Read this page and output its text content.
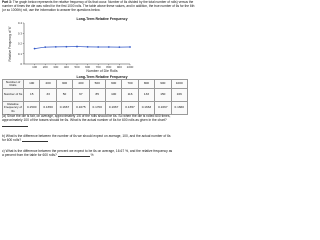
Part 3: The graph below represents the relative frequency of 6s that occur. Number of 6s divided by the total number of rolls) versus the number of times the die was rolled for the first 1000 rolls. The table above these values, and in addition, the true number of 6s for the 6th (or so 1000th) roll, use the information to answer the questions below.
Long-Term Relative Frequency
0
0.1
0.2
0.3
0.4
100 200 300 400 500 600 700 800 900 1000
Relative Frequency of '6'
Number of Die Rolls
Long-Term Relative Frequency
Number of Rolls	100	200	300	400	500	600	700	800	900	1000
Number of 6s	15	33	50	67	85	100	116	133	150	166
Relative Frequency of 6s	0.1500	0.1650	0.1667	0.1675	0.1700	0.1667	0.1657	0.1663	0.1667	0.1660
(a) Since the die is fair, on average, approximately 1/6 of the rolls should be 6s. So when the die is rolled 600 times,
approximately 100 of the tosses should be 6s. What is the actual number of 6s for 600 rolls as given in the chart?
b) What is the difference between the number of 6s we should expect on average, 100, and the actual number of 6s
for 600 rolls?
c) What is the difference between the percent we expect to be 6s on average, 16.67 %, and the relative frequency as
a percent from the table for 600 rolls?	%
